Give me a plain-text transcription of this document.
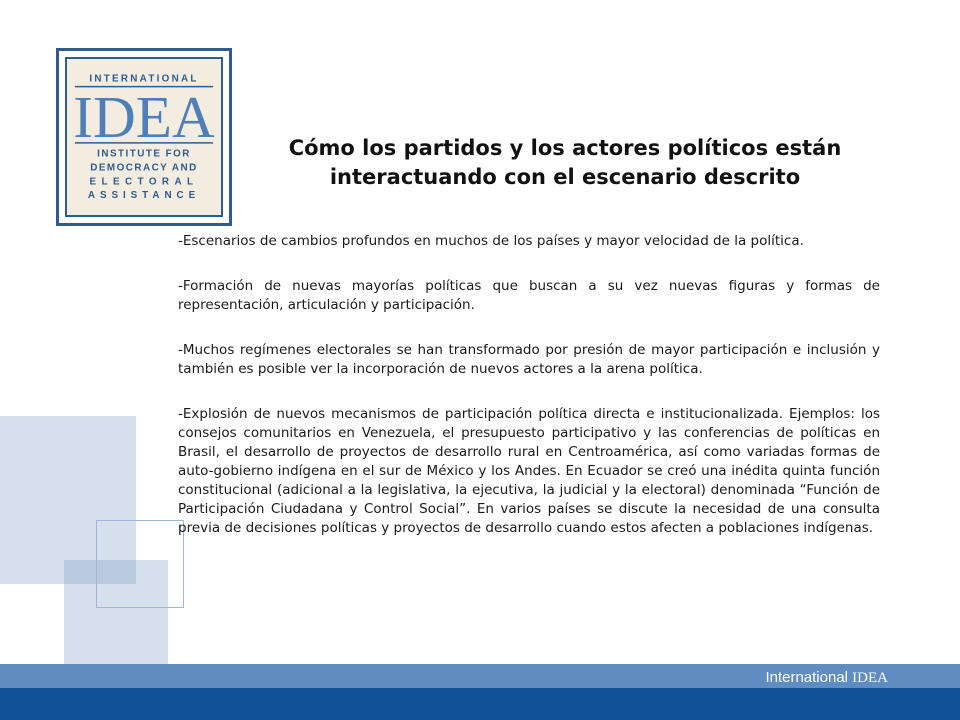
INTERNATIONAL
IDEA
INSTITUTE FOR
DEMOCRACY AND
ELECTORAL
ASSISTANCE
Cómo los partidos y los actores políticos están
interactuando con el escenario descrito

-Escenarios de cambios profundos en muchos de los países y mayor velocidad de la política.

-Formación de nuevas mayorías políticas que buscan a su vez nuevas figuras y formas de representación, articulación y participación.

-Muchos regímenes electorales se han transformado por presión de mayor participación e inclusión y también es posible ver la incorporación de nuevos actores a la arena política.

-Explosión de nuevos mecanismos de participación política directa e institucionalizada. Ejemplos: los consejos comunitarios en Venezuela, el presupuesto participativo y las conferencias de políticas en Brasil, el desarrollo de proyectos de desarrollo rural en Centroamérica, así como variadas formas de auto-gobierno indígena en el sur de México y los Andes. En Ecuador se creó una inédita quinta función constitucional (adicional a la legislativa, la ejecutiva, la judicial y la electoral) denominada “Función de Participación Ciudadana y Control Social”. En varios países se discute la necesidad de una consulta previa de decisiones políticas y proyectos de desarrollo cuando estos afecten a poblaciones indígenas.

International IDEA
